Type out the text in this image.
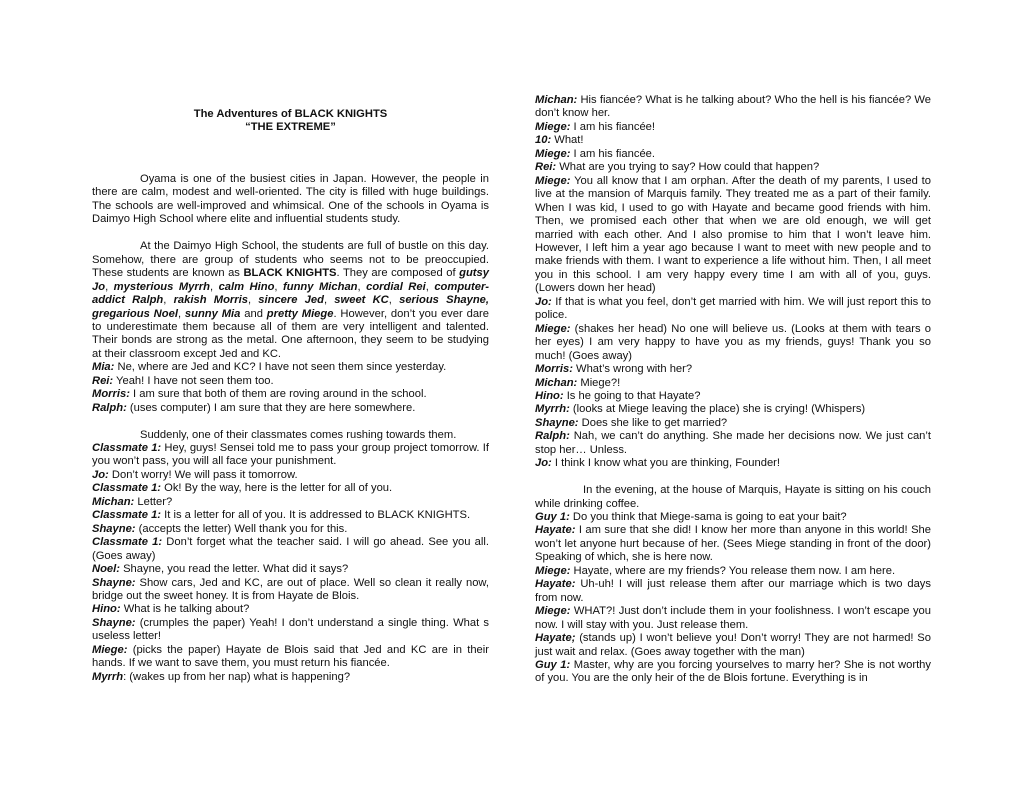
The Adventures of BLACK KNIGHTS
“THE EXTREME”

Oyama is one of the busiest cities in Japan. However, the people in there are calm, modest and well-oriented. The city is filled with huge buildings. The schools are well-improved and whimsical. One of the schools in Oyama is Daimyo High School where elite and influential students study.

At the Daimyo High School, the students are full of bustle on this day. Somehow, there are group of students who seems not to be preoccupied. These students are known as BLACK KNIGHTS. They are composed of gutsy Jo, mysterious Myrrh, calm Hino, funny Michan, cordial Rei, computer-addict Ralph, rakish Morris, sincere Jed, sweet KC, serious Shayne, gregarious Noel, sunny Mia and pretty Miege. However, don’t you ever dare to underestimate them because all of them are very intelligent and talented. Their bonds are strong as the metal. One afternoon, they seem to be studying at their classroom except Jed and KC.

Mia: Ne, where are Jed and KC? I have not seen them since yesterday.

Rei: Yeah! I have not seen them too.

Morris: I am sure that both of them are roving around in the school.

Ralph: (uses computer) I am sure that they are here somewhere.

Suddenly, one of their classmates comes rushing towards them.

Classmate 1: Hey, guys! Sensei told me to pass your group project tomorrow. If you won’t pass, you will all face your punishment.

Jo: Don’t worry! We will pass it tomorrow.

Classmate 1: Ok! By the way, here is the letter for all of you.

Michan: Letter?

Classmate 1: It is a letter for all of you. It is addressed to BLACK KNIGHTS.

Shayne: (accepts the letter) Well thank you for this.

Classmate 1: Don’t forget what the teacher said. I will go ahead. See you all. (Goes away)

Noel: Shayne, you read the letter. What did it says?

Shayne: Show cars, Jed and KC, are out of place. Well so clean it really now, bridge out the sweet honey. It is from Hayate de Blois.

Hino: What is he talking about?

Shayne: (crumples the paper) Yeah! I don’t understand a single thing. What s useless letter!

Miege: (picks the paper) Hayate de Blois said that Jed and KC are in their hands. If we want to save them, you must return his fiancée.

Myrrh: (wakes up from her nap) what is happening?

Michan: His fiancée? What is he talking about? Who the hell is his fiancée? We don’t know her.

Miege: I am his fiancée!

10: What!

Miege: I am his fiancée.

Rei: What are you trying to say? How could that happen?

Miege: You all know that I am orphan. After the death of my parents, I used to live at the mansion of Marquis family. They treated me as a part of their family. When I was kid, I used to go with Hayate and became good friends with him. Then, we promised each other that when we are old enough, we will get married with each other. And I also promise to him that I won’t leave him. However, I left him a year ago because I want to meet with new people and to make friends with them. I want to experience a life without him. Then, I all meet you in this school. I am very happy every time I am with all of you, guys. (Lowers down her head)

Jo: If that is what you feel, don’t get married with him. We will just report this to police.

Miege: (shakes her head) No one will believe us. (Looks at them with tears o her eyes) I am very happy to have you as my friends, guys! Thank you so much! (Goes away)

Morris: What’s wrong with her?

Michan: Miege?!

Hino: Is he going to that Hayate?

Myrrh: (looks at Miege leaving the place) she is crying! (Whispers)

Shayne: Does she like to get married?

Ralph: Nah, we can’t do anything. She made her decisions now. We just can’t stop her… Unless.

Jo: I think I know what you are thinking, Founder!

In the evening, at the house of Marquis, Hayate is sitting on his couch while drinking coffee.

Guy 1: Do you think that Miege-sama is going to eat your bait?

Hayate: I am sure that she did! I know her more than anyone in this world! She won’t let anyone hurt because of her. (Sees Miege standing in front of the door) Speaking of which, she is here now.

Miege: Hayate, where are my friends? You release them now. I am here.

Hayate: Uh-uh! I will just release them after our marriage which is two days from now.

Miege: WHAT?! Just don’t include them in your foolishness. I won’t escape you now. I will stay with you. Just release them.

Hayate; (stands up) I won’t believe you! Don’t worry! They are not harmed! So just wait and relax. (Goes away together with the man)

Guy 1: Master, why are you forcing yourselves to marry her? She is not worthy of you. You are the only heir of the de Blois fortune. Everything is in
